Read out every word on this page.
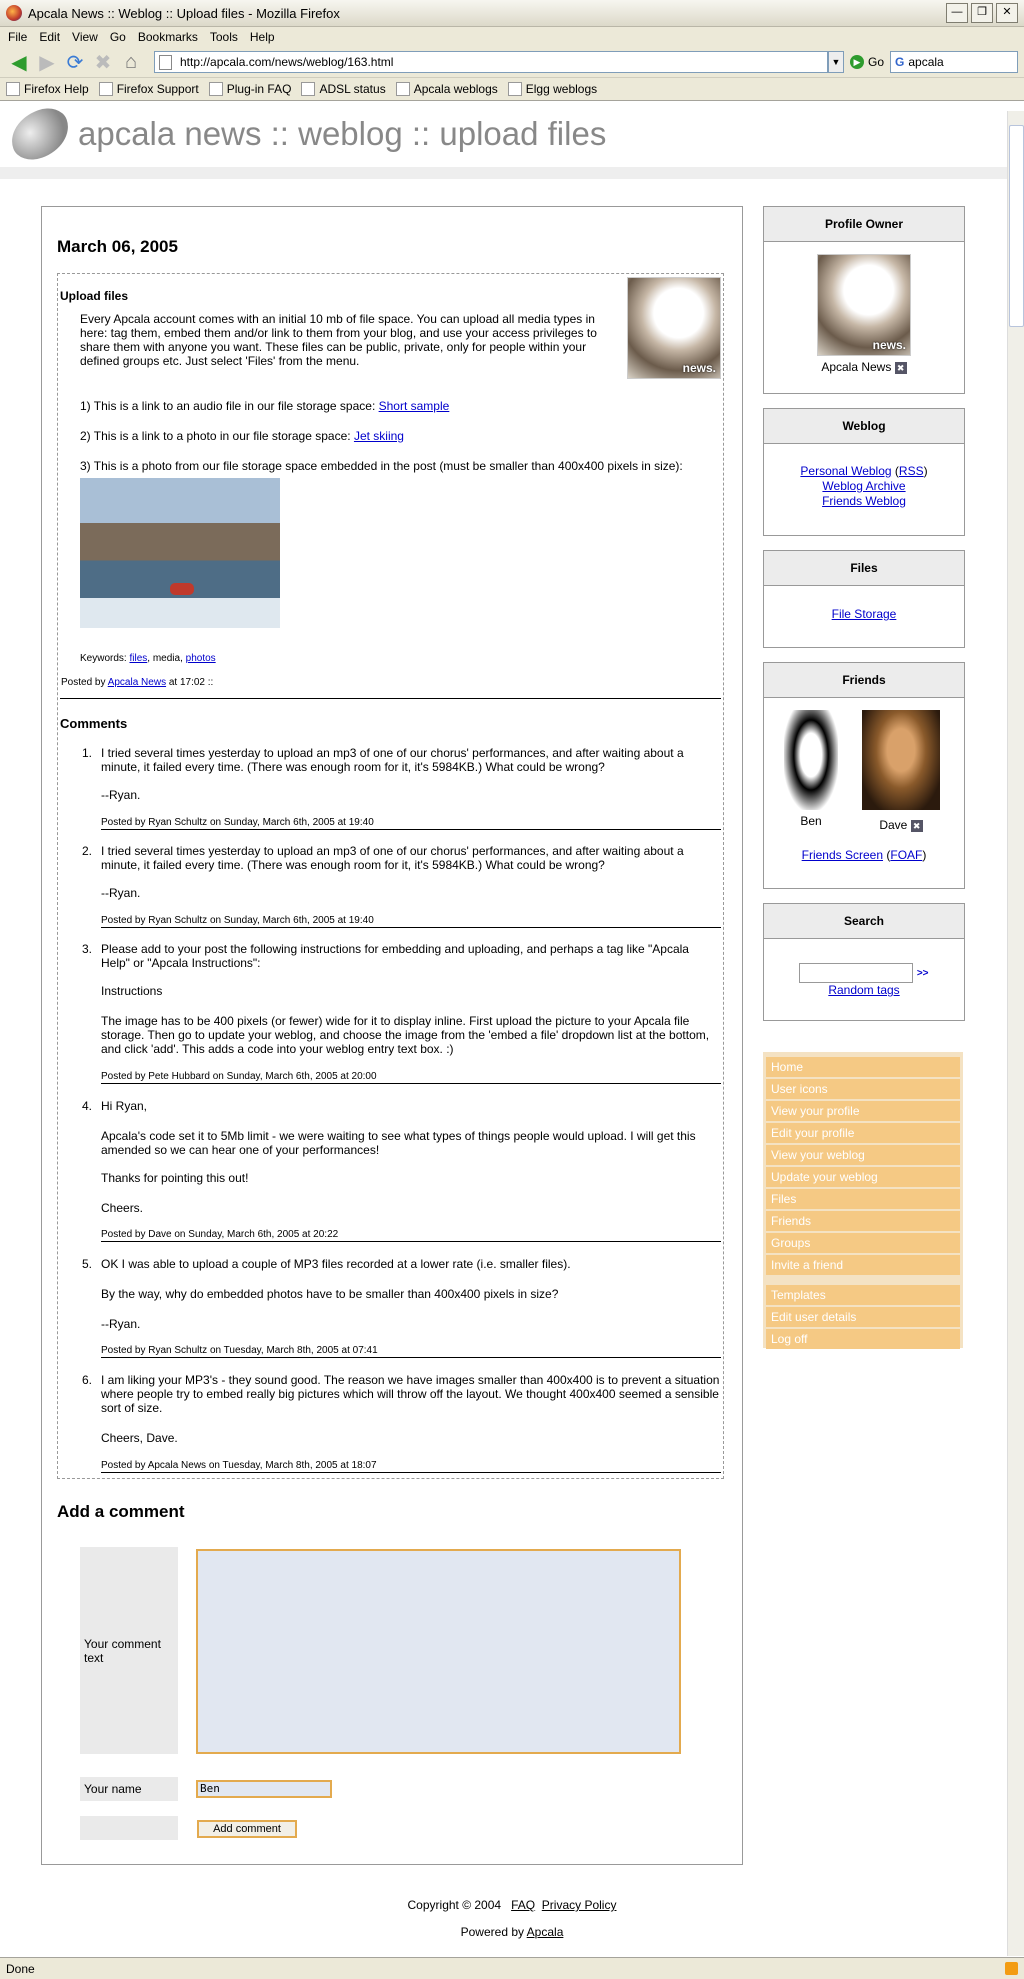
Apcala News :: Weblog :: Upload files - Mozilla Firefox	—	❐	✕
File Edit View Go Bookmarks Tools Help
◀ ▶ ⟳ ✖ ⌂	http://apcala.com/news/weblog/163.html	▼	▶ Go G apcala
Firefox Help Firefox Support Plug-in FAQ ADSL status Apcala weblogs Elgg weblogs
apcala news :: weblog :: upload files
March 06, 2005
Upload files
news.
Every Apcala account comes with an initial 10 mb of file space. You can upload all media types in here: tag them, embed them and/or link to them from your blog, and use your access privileges to share them with anyone you want. These files can be public, private, only for people within your defined groups etc. Just select 'Files' from the menu.
1) This is a link to an audio file in our file storage space: Short sample
2) This is a link to a photo in our file storage space: Jet skiing
3) This is a photo from our file storage space embedded in the post (must be smaller than 400x400 pixels in size):
Keywords: files, media, photos
Posted by Apcala News at 17:02 ::
Comments
1. I tried several times yesterday to upload an mp3 of one of our chorus' performances, and after waiting about a minute, it failed every time. (There was enough room for it, it's 5984KB.) What could be wrong?
--Ryan.
Posted by Ryan Schultz on Sunday, March 6th, 2005 at 19:40
2. I tried several times yesterday to upload an mp3 of one of our chorus' performances, and after waiting about a minute, it failed every time. (There was enough room for it, it's 5984KB.) What could be wrong?
--Ryan.
Posted by Ryan Schultz on Sunday, March 6th, 2005 at 19:40
3. Please add to your post the following instructions for embedding and uploading, and perhaps a tag like "Apcala Help" or "Apcala Instructions":
Instructions
The image has to be 400 pixels (or fewer) wide for it to display inline. First upload the picture to your Apcala file storage. Then go to update your weblog, and choose the image from the 'embed a file' dropdown list at the bottom, and click 'add'. This adds a code into your weblog entry text box. :)
Posted by Pete Hubbard on Sunday, March 6th, 2005 at 20:00
4. Hi Ryan,
Apcala's code set it to 5Mb limit - we were waiting to see what types of things people would upload. I will get this amended so we can hear one of your performances!
Thanks for pointing this out!
Cheers.
Posted by Dave on Sunday, March 6th, 2005 at 20:22
5. OK I was able to upload a couple of MP3 files recorded at a lower rate (i.e. smaller files).
By the way, why do embedded photos have to be smaller than 400x400 pixels in size?
--Ryan.
Posted by Ryan Schultz on Tuesday, March 8th, 2005 at 07:41
6. I am liking your MP3's - they sound good. The reason we have images smaller than 400x400 is to prevent a situation where people try to embed really big pictures which will throw off the layout. We thought 400x400 seemed a sensible sort of size.
Cheers, Dave.
Posted by Apcala News on Tuesday, March 8th, 2005 at 18:07
Add a comment
Your comment text
Your name	Ben
Add comment
Profile Owner
news.
Apcala News ✖
Weblog
Personal Weblog (RSS)
Weblog Archive
Friends Weblog
Files
File Storage
Friends
Ben	Dave ✖
Friends Screen (FOAF)
Search
>>
Random tags
Home
User icons
View your profile
Edit your profile
View your weblog
Update your weblog
Files
Friends
Groups
Invite a friend
Templates
Edit user details
Log off
Copyright © 2004 FAQ Privacy Policy
Powered by Apcala
Done
